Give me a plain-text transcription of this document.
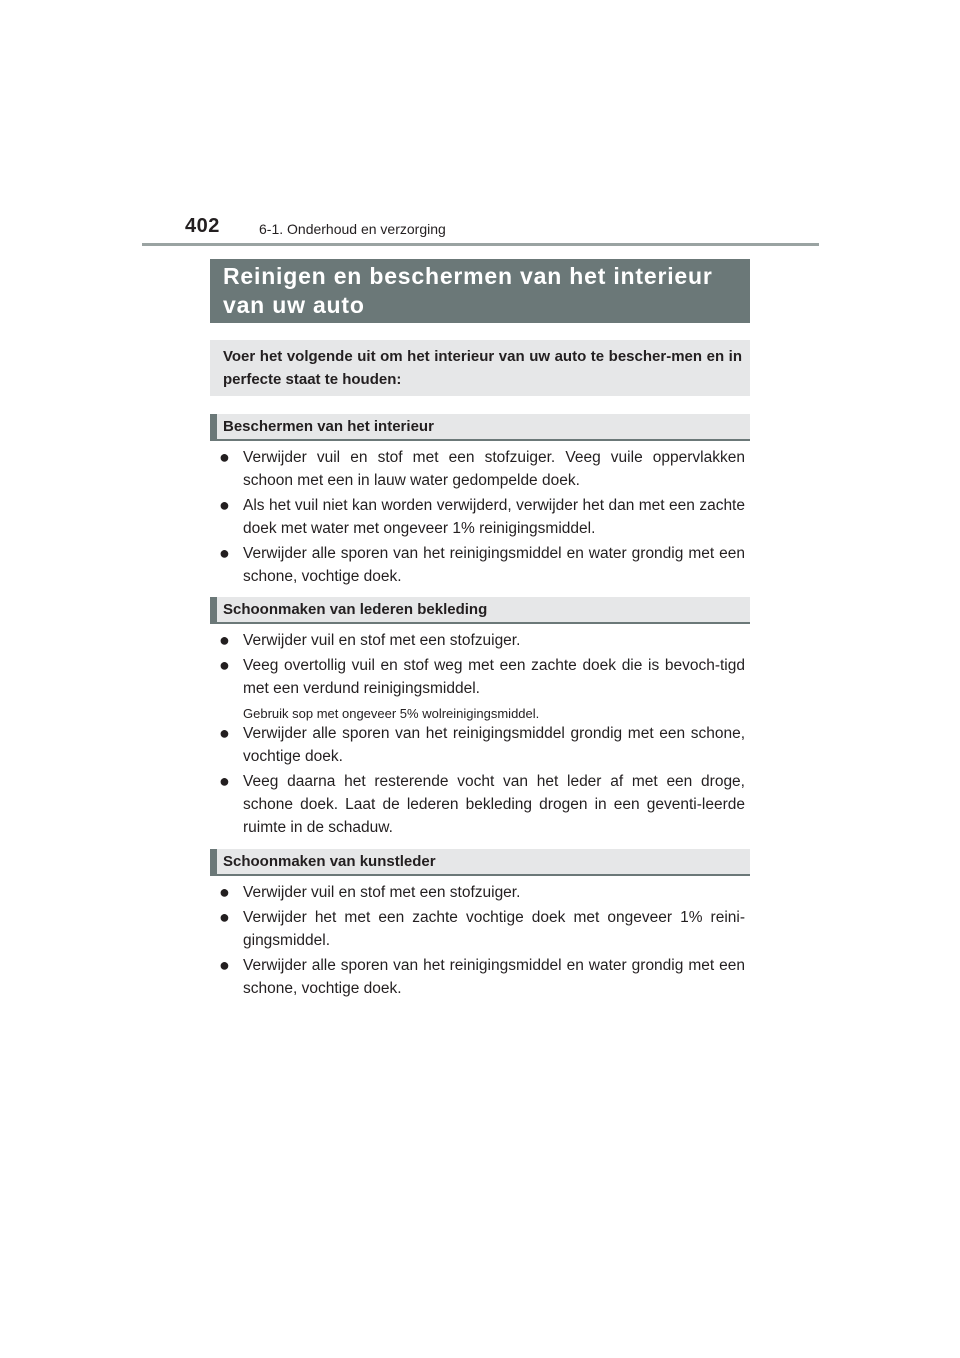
402	6-1. Onderhoud en verzorging
Reinigen en beschermen van het interieur
van uw auto
Voer het volgende uit om het interieur van uw auto te bescher-men en in perfecte staat te houden:
Beschermen van het interieur
● Verwijder vuil en stof met een stofzuiger. Veeg vuile oppervlakken schoon met een in lauw water gedompelde doek.
● Als het vuil niet kan worden verwijderd, verwijder het dan met een zachte doek met water met ongeveer 1% reinigingsmiddel.
● Verwijder alle sporen van het reinigingsmiddel en water grondig met een schone, vochtige doek.
Schoonmaken van lederen bekleding
● Verwijder vuil en stof met een stofzuiger.
● Veeg overtollig vuil en stof weg met een zachte doek die is bevoch-tigd met een verdund reinigingsmiddel.
Gebruik sop met ongeveer 5% wolreinigingsmiddel.
● Verwijder alle sporen van het reinigingsmiddel grondig met een schone, vochtige doek.
● Veeg daarna het resterende vocht van het leder af met een droge, schone doek. Laat de lederen bekleding drogen in een geventi-leerde ruimte in de schaduw.
Schoonmaken van kunstleder
● Verwijder vuil en stof met een stofzuiger.
● Verwijder het met een zachte vochtige doek met ongeveer 1% reini-gingsmiddel.
● Verwijder alle sporen van het reinigingsmiddel en water grondig met een schone, vochtige doek.
